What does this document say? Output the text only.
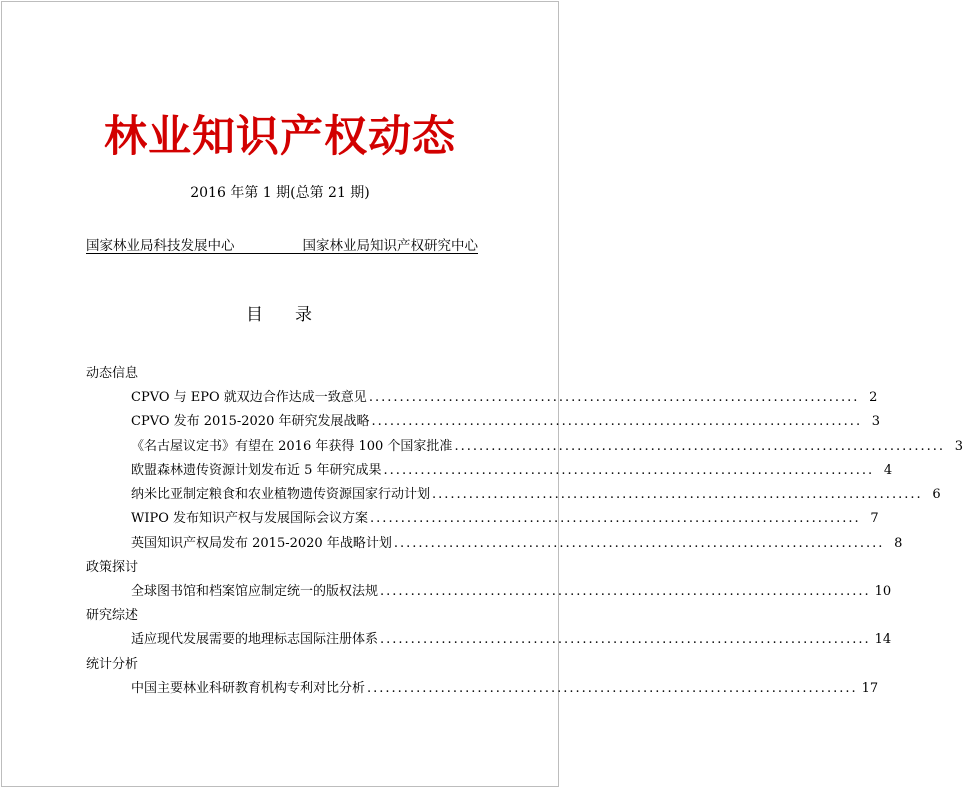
林业知识产权动态
2016 年第 1 期(总第 21 期)
国家林业局科技发展中心	国家林业局知识产权研究中心
目 录
动态信息
CPVO 与 EPO 就双边合作达成一致意见 ................................................................................ 2
CPVO 发布 2015-2020 年研究发展战略 ................................................................................ 3
《名古屋议定书》有望在 2016 年获得 100 个国家批准 ................................................................................ 3
欧盟森林遗传资源计划发布近 5 年研究成果 ................................................................................ 4
纳米比亚制定粮食和农业植物遗传资源国家行动计划 ................................................................................ 6
WIPO 发布知识产权与发展国际会议方案 ................................................................................ 7
英国知识产权局发布 2015-2020 年战略计划 ................................................................................ 8
政策探讨
全球图书馆和档案馆应制定统一的版权法规 ................................................................................ 10
研究综述
适应现代发展需要的地理标志国际注册体系 ................................................................................ 14
统计分析
中国主要林业科研教育机构专利对比分析 ................................................................................ 17
